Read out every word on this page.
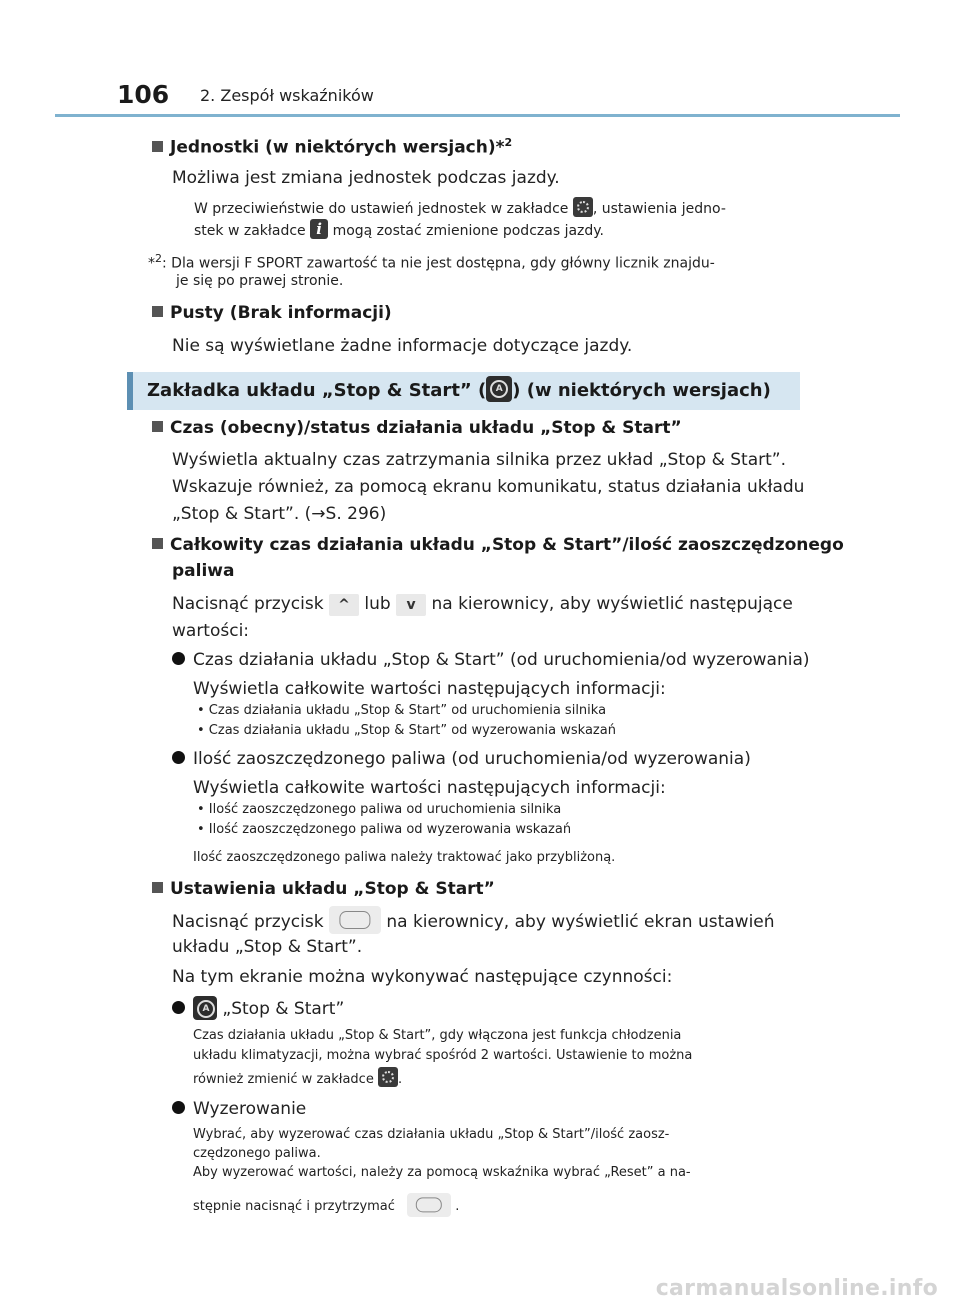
106 2. Zespół wskaźników
Jednostki (w niektórych wersjach)*$^2$
Możliwa jest zmiana jednostek podczas jazdy.
W przeciwieństwie do ustawień jednostek w zakładce , ustawienia jedno-
stek w zakładce i mogą zostać zmienione podczas jazdy.
*$^2$: Dla wersji F SPORT zawartość ta nie jest dostępna, gdy główny licznik znajdu-
je się po prawej stronie.
Pusty (Brak informacji)
Nie są wyświetlane żadne informacje dotyczące jazdy.
Zakładka układu „Stop & Start” ( A ) (w niektórych wersjach)
Czas (obecny)/status działania układu „Stop & Start”
Wyświetla aktualny czas zatrzymania silnika przez układ „Stop & Start”.
Wskazuje również, za pomocą ekranu komunikatu, status działania układu
„Stop & Start”. (→S. 296)
Całkowity czas działania układu „Stop & Start”/ilość zaoszczędzonego
paliwa
Nacisnąć przycisk ^ lub v na kierownicy, aby wyświetlić następujące
wartości:
Czas działania układu „Stop & Start” (od uruchomienia/od wyzerowania)
Wyświetla całkowite wartości następujących informacji:
• Czas działania układu „Stop & Start” od uruchomienia silnika
• Czas działania układu „Stop & Start” od wyzerowania wskazań
Ilość zaoszczędzonego paliwa (od uruchomienia/od wyzerowania)
Wyświetla całkowite wartości następujących informacji:
• Ilość zaoszczędzonego paliwa od uruchomienia silnika
• Ilość zaoszczędzonego paliwa od wyzerowania wskazań
Ilość zaoszczędzonego paliwa należy traktować jako przybliżoną.
Ustawienia układu „Stop & Start”
Nacisnąć przycisk	na kierownicy, aby wyświetlić ekran ustawień
układu „Stop & Start”.
Na tym ekranie można wykonywać następujące czynności:
A „Stop & Start”
Czas działania układu „Stop & Start”, gdy włączona jest funkcja chłodzenia
układu klimatyzacji, można wybrać spośród 2 wartości. Ustawienie to można
również zmienić w zakładce .
Wyzerowanie
Wybrać, aby wyzerować czas działania układu „Stop & Start”/ilość zaosz-
czędzonego paliwa.
Aby wyzerować wartości, należy za pomocą wskaźnika wybrać „Reset” a na-
stępnie nacisnąć i przytrzymać	.
carmanualsonline.info
